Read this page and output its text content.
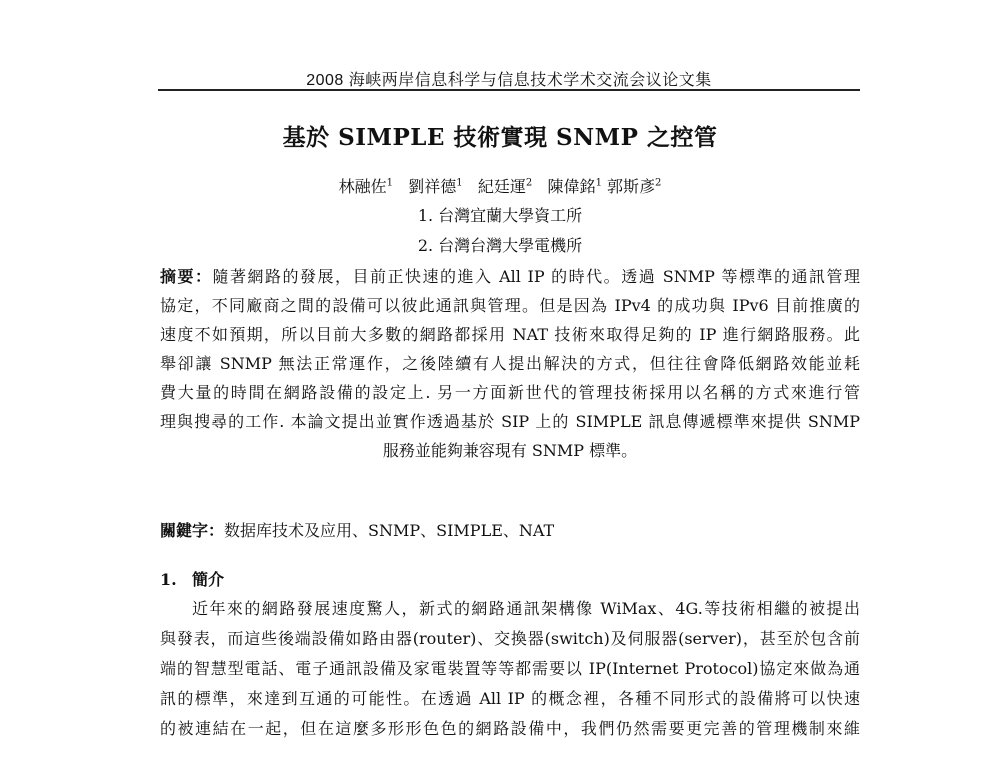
2008 海峡两岸信息科学与信息技术学术交流会议论文集
基於 SIMPLE 技術實現 SNMP 之控管
林融佐$^1$ 劉祥德$^1$ 紀廷運$^2$ 陳偉銘$^1$ 郭斯彥$^2$
1. 台灣宜蘭大學資工所
2. 台灣台灣大學電機所
摘要：隨著網路的發展，目前正快速的進入 All IP 的時代。透過 SNMP 等標準的通訊管理
協定，不同廠商之間的設備可以彼此通訊與管理。但是因為 IPv4 的成功與 IPv6 目前推廣的
速度不如預期，所以目前大多數的網路都採用 NAT 技術來取得足夠的 IP 進行網路服務。此
舉卻讓 SNMP 無法正常運作，之後陸續有人提出解決的方式，但往往會降低網路效能並耗
費大量的時間在網路設備的設定上. 另一方面新世代的管理技術採用以名稱的方式來進行管
理與搜尋的工作. 本論文提出並實作透過基於 SIP 上的 SIMPLE 訊息傳遞標準來提供 SNMP
服務並能夠兼容現有 SNMP 標準。
關鍵字：数据库技术及应用、SNMP、SIMPLE、NAT
1. 簡介
近年來的網路發展速度驚人，新式的網路通訊架構像 WiMax、4G.等技術相繼的被提出
與發表，而這些後端設備如路由器(router)、交換器(switch)及伺服器(server)，甚至於包含前
端的智慧型電話、電子通訊設備及家電裝置等等都需要以 IP(Internet Protocol)協定來做為通
訊的標準，來達到互通的可能性。在透過 All IP 的概念裡，各種不同形式的設備將可以快速
的被連結在一起，但在這麼多形形色色的網路設備中，我們仍然需要更完善的管理機制來維
